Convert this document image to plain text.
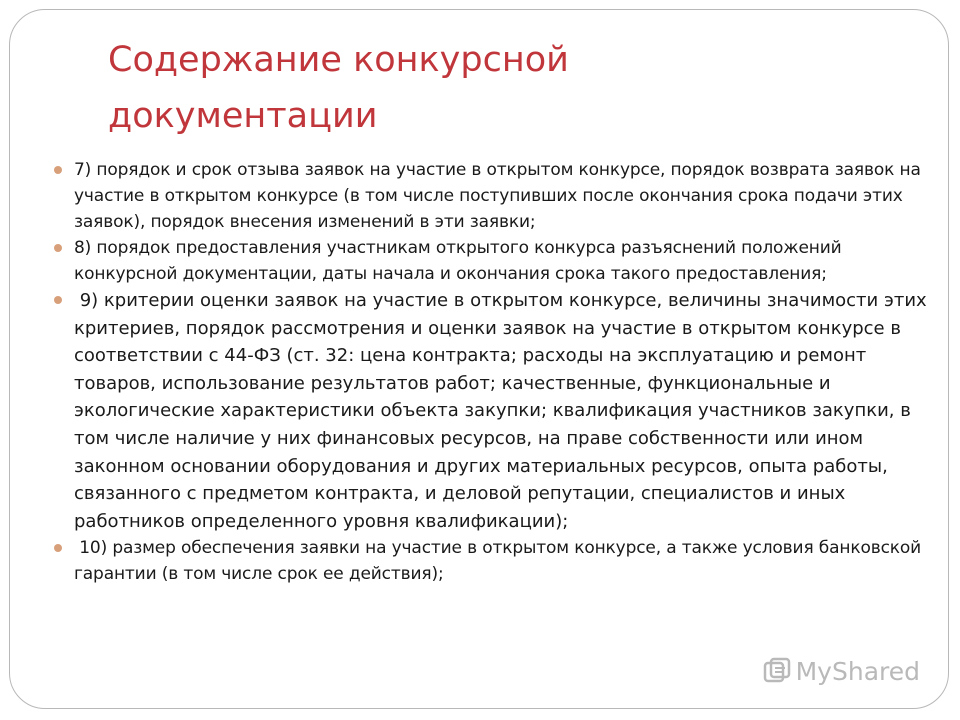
Содержание конкурсной
документации
7) порядок и срок отзыва заявок на участие в открытом конкурсе, порядок возврата заявок на участие в открытом конкурсе (в том числе поступивших после окончания срока подачи этих заявок), порядок внесения изменений в эти заявки;
8) порядок предоставления участникам открытого конкурса разъяснений положений конкурсной документации, даты начала и окончания срока такого предоставления;
9) критерии оценки заявок на участие в открытом конкурсе, величины значимости этих критериев, порядок рассмотрения и оценки заявок на участие в открытом конкурсе в соответствии с 44-ФЗ (ст. 32: цена контракта; расходы на эксплуатацию и ремонт товаров, использование результатов работ; качественные, функциональные и экологические характеристики объекта закупки; квалификация участников закупки, в том числе наличие у них финансовых ресурсов, на праве собственности или ином законном основании оборудования и других материальных ресурсов, опыта работы, связанного с предметом контракта, и деловой репутации, специалистов и иных работников определенного уровня квалификации);
10) размер обеспечения заявки на участие в открытом конкурсе, а также условия банковской гарантии (в том числе срок ее действия);
MyShared
